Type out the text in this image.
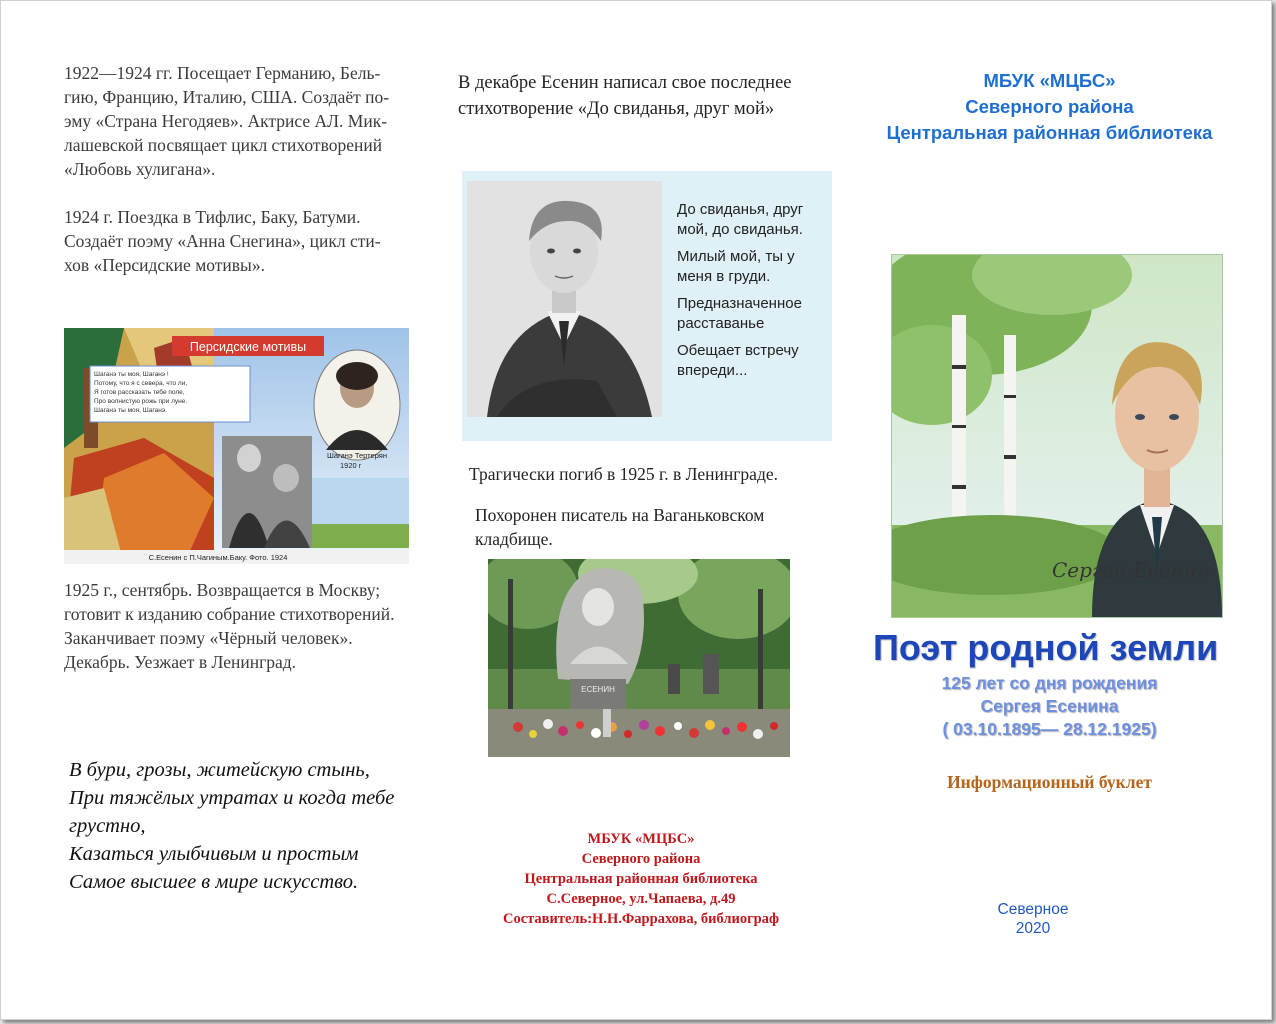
1922—1924 гг. Посещает Германию, Бель-

гию, Францию, Италию, США. Создаёт по-

эму «Страна Негодяев». Актрисе АЛ. Мик-

лашевской посвящает цикл стихотворений

«Любовь хулигана».

1924 г. Поездка в Тифлис, Баку, Батуми.

Создаёт поэму «Анна Снегина», цикл сти-

хов «Персидские мотивы».

Персидские мотивы
Шаганэ ты моя, Шаганэ !
Потому, что я с севера, что ли,
Я готов рассказать тебе поле,
Про волнистую рожь при луне.
Шаганэ ты моя, Шаганэ.
Шаганэ Тертерян
1920 г
С.Есенин с П.Чагиным.Баку. Фото. 1924

1925 г., сентябрь. Возвращается в Москву;

готовит к изданию собрание стихотворений.

Заканчивает поэму «Чёрный человек».

Декабрь. Уезжает в Ленинград.

В бури, грозы, житейскую стынь,

При тяжёлых утратах и когда тебе

грустно,

Казаться улыбчивым и простым

Самое высшее в мире искусство.

В декабре Есенин написал свое последнее

стихотворение «До свиданья, друг мой»

До свиданья, друг
мой, до свиданья.

Милый мой, ты у
меня в груди.

Предназначенное
расставанье

Обещает встречу
впереди...

Трагически погиб в 1925 г. в Ленинграде.

Похоронен писатель на Ваганьковском

кладбище.

ЕСЕНИН

МБУК «МЦБС»

Северного района

Центральная районная библиотека

С.Северное, ул.Чапаева, д.49

Составитель:Н.Н.Фаррахова, библиограф

МБУК «МЦБС»

Северного района

Центральная районная библиотека

Сергей Есенин
Поэт родной земли

125 лет со дня рождения

Сергея Есенина

( 03.10.1895— 28.12.1925)

Информационный буклет

Северное

2020
